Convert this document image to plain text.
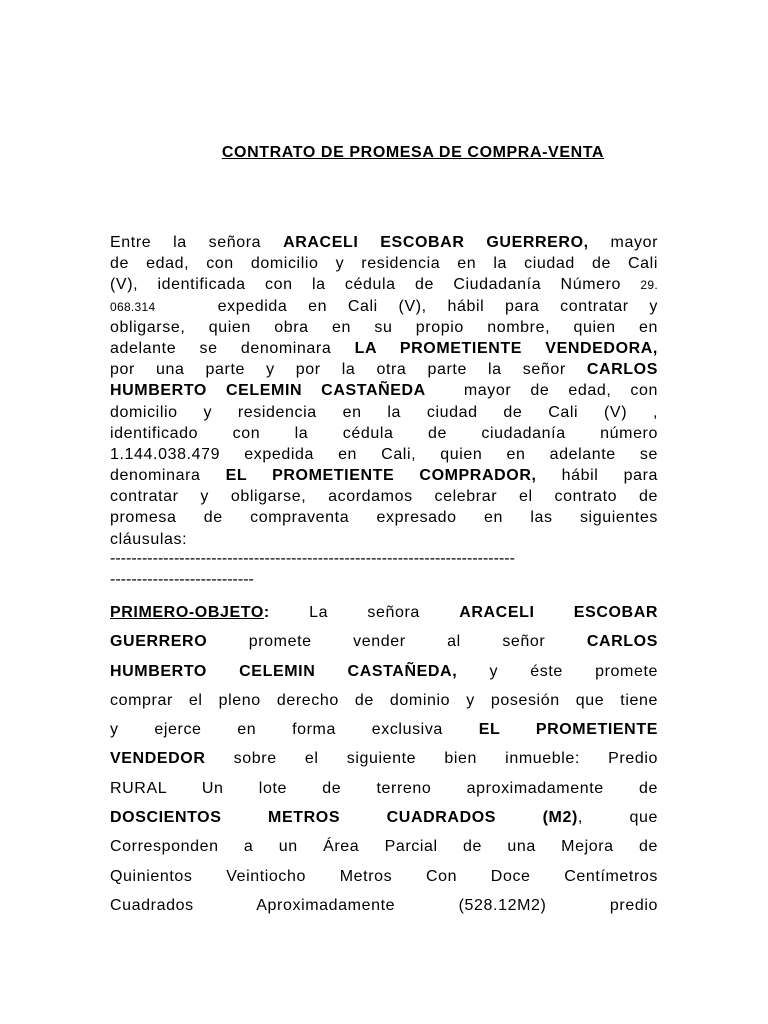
CONTRATO DE PROMESA DE COMPRA-VENTA
Entre la señora ARACELI ESCOBAR GUERRERO, mayor
de edad, con domicilio y residencia en la ciudad de Cali
(V), identificada con la cédula de Ciudadanía Número 29.
068.314   expedida en Cali (V), hábil para contratar y
obligarse, quien obra en su propio nombre, quien en
adelante se denominara LA PROMETIENTE VENDEDORA,
por una parte y por la otra parte la señor CARLOS
HUMBERTO CELEMIN CASTAÑEDA  mayor de edad, con
domicilio y residencia en la ciudad de Cali (V) ,
identificado con la cédula de ciudadanía número
1.144.038.479 expedida en Cali, quien en adelante se
denominara EL PROMETIENTE COMPRADOR, hábil para
contratar y obligarse, acordamos celebrar el contrato de
promesa de compraventa expresado en las siguientes
cláusulas:
----------------------------------------------------------------------------
---------------------------
PRIMERO-OBJETO: La señora ARACELI ESCOBAR
GUERRERO promete vender al señor CARLOS
HUMBERTO CELEMIN CASTAÑEDA, y éste promete
comprar el pleno derecho de dominio y posesión que tiene
y ejerce en forma exclusiva EL PROMETIENTE
VENDEDOR sobre el siguiente bien inmueble: Predio
RURAL Un lote de terreno aproximadamente de
DOSCIENTOS METROS CUADRADOS (M2), que
Corresponden a un Área Parcial de una Mejora de
Quinientos Veintiocho Metros Con Doce Centímetros
Cuadrados Aproximadamente (528.12M2) predio
